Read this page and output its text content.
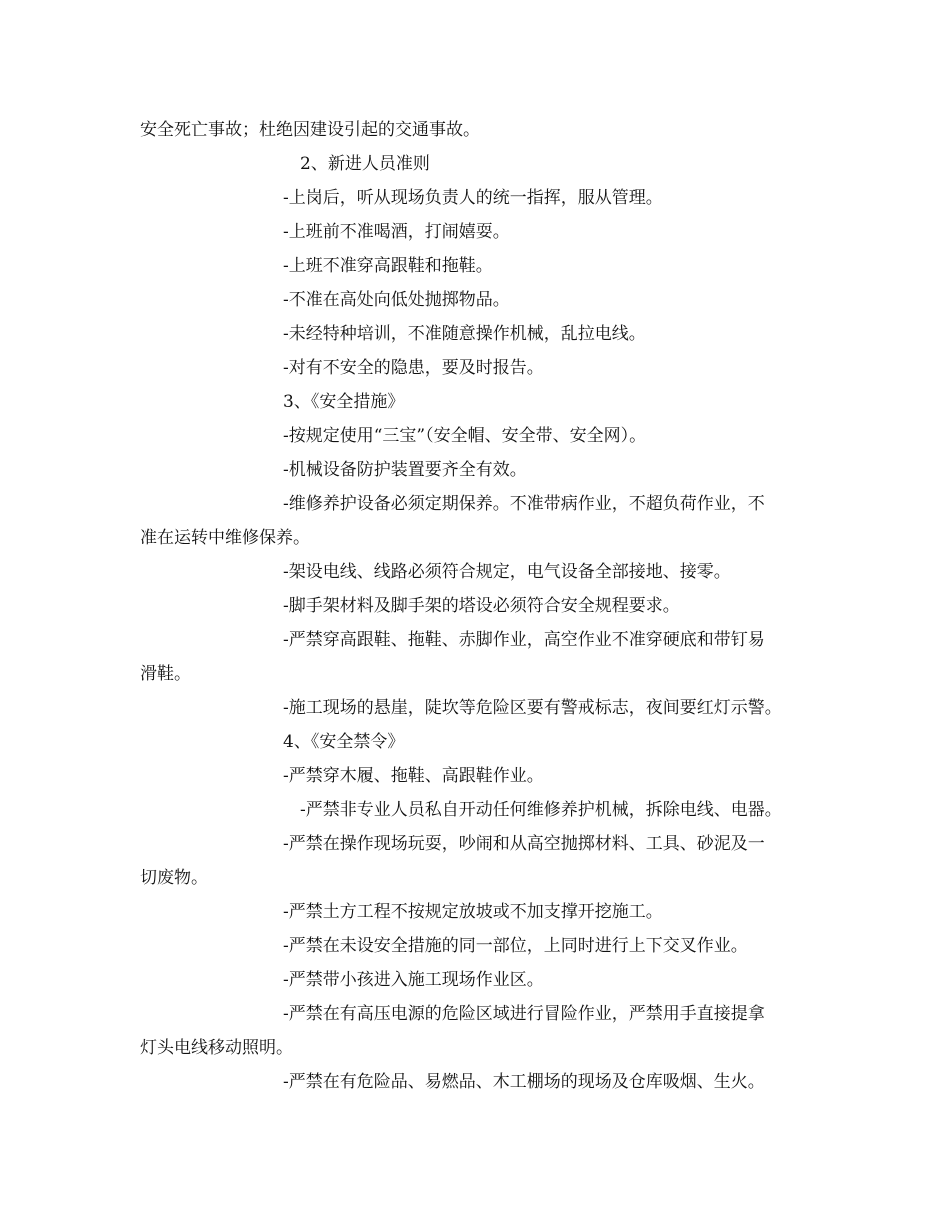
安全死亡事故；杜绝因建设引起的交通事故。

2、新进人员准则

-上岗后，听从现场负责人的统一指挥，服从管理。

-上班前不准喝酒，打闹嬉耍。

-上班不准穿高跟鞋和拖鞋。

-不准在高处向低处抛掷物品。

-未经特种培训，不准随意操作机械，乱拉电线。

-对有不安全的隐患，要及时报告。

3、《安全措施》

-按规定使用“三宝”（安全帽、安全带、安全网）。

-机械设备防护装置要齐全有效。

-维修养护设备必须定期保养。不准带病作业，不超负荷作业，不

准在运转中维修保养。

-架设电线、线路必须符合规定，电气设备全部接地、接零。

-脚手架材料及脚手架的塔设必须符合安全规程要求。

-严禁穿高跟鞋、拖鞋、赤脚作业，高空作业不准穿硬底和带钉易

滑鞋。

-施工现场的悬崖，陡坎等危险区要有警戒标志，夜间要红灯示警。

4、《安全禁令》

-严禁穿木履、拖鞋、高跟鞋作业。

-严禁非专业人员私自开动任何维修养护机械，拆除电线、电器。

-严禁在操作现场玩耍，吵闹和从高空抛掷材料、工具、砂泥及一

切废物。

-严禁土方工程不按规定放坡或不加支撑开挖施工。

-严禁在未设安全措施的同一部位，上同时进行上下交叉作业。

-严禁带小孩进入施工现场作业区。

-严禁在有高压电源的危险区域进行冒险作业，严禁用手直接提拿

灯头电线移动照明。

-严禁在有危险品、易燃品、木工棚场的现场及仓库吸烟、生火。
